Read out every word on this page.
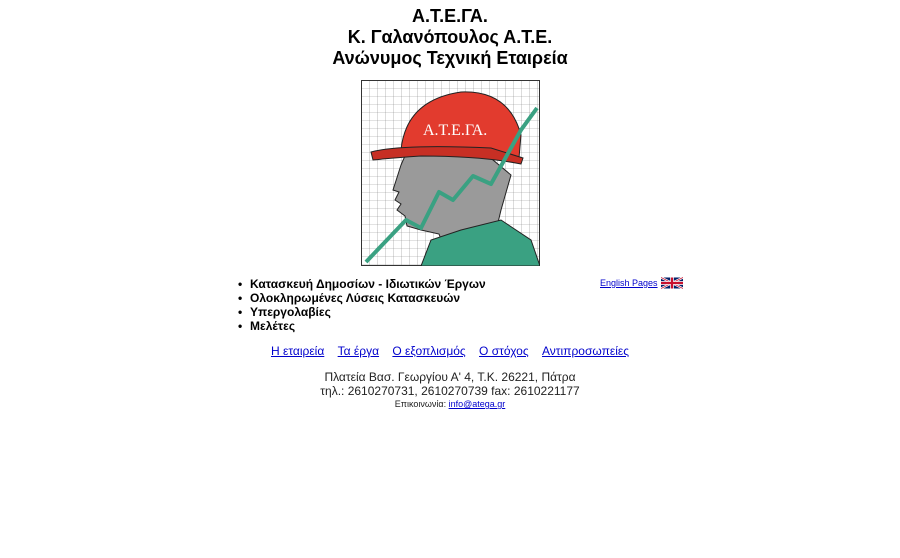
Α.Τ.Ε.ΓΑ.
Κ. Γαλανόπουλος Α.Τ.Ε.
Ανώνυμος Τεχνική Εταιρεία
Α.Τ.Ε.ΓΑ.
• Κατασκευή Δημοσίων - Ιδιωτικών Έργων
• Ολοκληρωμένες Λύσεις Κατασκευών
• Υπεργολαβίες
• Μελέτες
English Pages
Η εταιρεία Τα έργα Ο εξοπλισμός Ο στόχος Αντιπροσωπείες
Πλατεία Βασ. Γεωργίου Α' 4, Τ.Κ. 26221, Πάτρα
τηλ.: 2610270731, 2610270739 fax: 2610221177
Επικοινωνία: info@atega.gr
